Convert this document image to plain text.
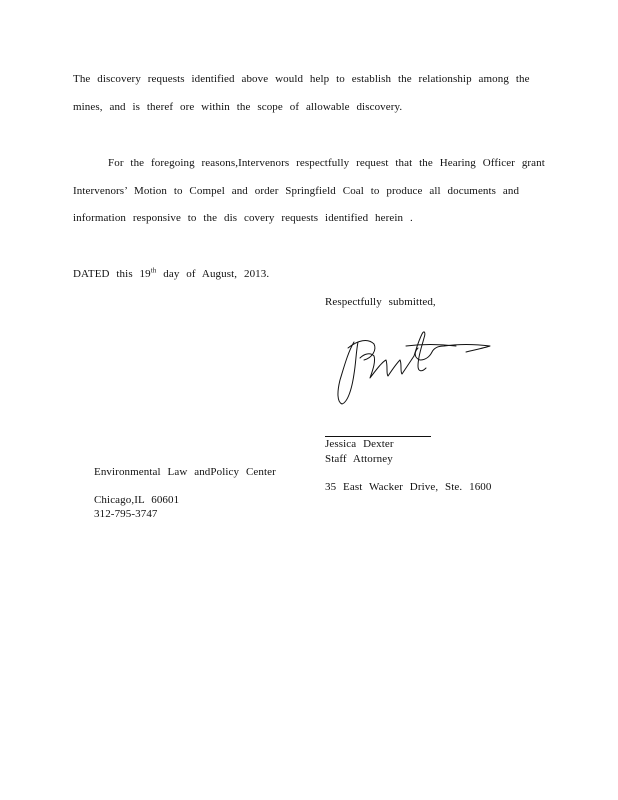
The discovery requests identified above would help to establish the relationship among the
mines, and is theref ore within the scope of allowable discovery.
For the foregoing reasons,Intervenors respectfully request that the Hearing Officer grant
Intervenors’ Motion to Compel and order Springfield Coal to produce all documents and
information responsive to the dis covery requests identified herein .
DATED this 19th day of August, 2013.
Respectfully submitted,
Jessica Dexter
Staff Attorney
35 East Wacker Drive, Ste. 1600
Environmental Law andPolicy Center
Chicago,IL 60601
312-795-3747
